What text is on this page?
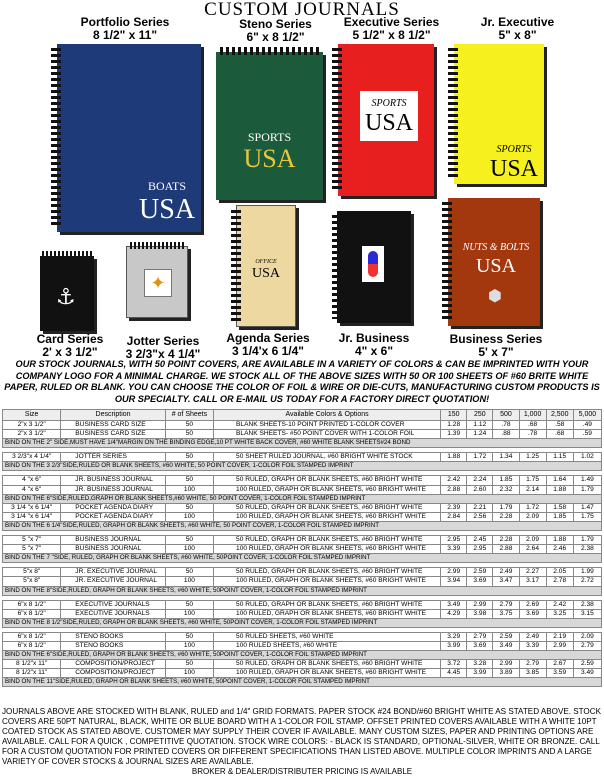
CUSTOM JOURNALS
Portfolio Series
8 1/2" x 11"
Steno Series
6" x 8 1/2"
Executive Series
5 1/2" x 8 1/2"
Jr. Executive
5" x 8"
BOATS
USA
SPORTS
USA
SPORTS
USA
SPORTS
USA
⚓
✦
OFFICE
USA
NUTS & BOLTS
USA
⬢
Card Series
2' x 3 1/2"
Jotter Series
3 2/3"x 4 1/4"
Agenda Series
3 1/4'x 6 1/4"
Jr. Business
4" x 6"
Business Series
5' x 7"
OUR STOCK JOURNALS, WITH 50 POINT COVERS, ARE AVAILABLE IN A VARIETY OF COLORS & CAN BE IMPRINTED WITH YOUR COMPANY LOGO FOR A MINIMAL CHARGE. WE STOCK ALL OF THE ABOVE SIZES WITH 50 OR 100 SHEETS OF #60 BRITE WHITE PAPER, RULED OR BLANK. YOU CAN CHOOSE THE COLOR OF FOIL & WIRE OR DIE-CUTS, MANUFACTURING CUSTOM PRODUCTS IS OUR SPECIALTY. CALL OR E-MAIL US TODAY FOR A FACTORY DIRECT QUOTATION!
Size	Description	# of Sheets	Available Colors & Options	150	250	500	1,000	2,500	5,000
2"x 3 1/2"	BUSINESS CARD SIZE	50	BLANK SHEETS-10 POINT PRINTED 1-COLOR COVER	1.28	1.12	.78	.68	.58	.49
2"x 3 1/2"	BUSINESS CARD SIZE	50	BLANK SHEETS- #50 POINT COVER WITH 1-COLOR FOIL	1.39	1.24	.88	.78	.68	.59
BIND ON THE 2" SIDE,MUST HAVE 1/4"MARGIN ON THE BINDING EDGE,10 PT WHITE BACK COVER, #60 WHITE BLANK SHEETS#24 BOND									

3 2/3"x 4 1/4"	JOTTER SERIES	50	50 SHEET RULED JOURNAL, #60 BRIGHT WHITE STOCK	1.88	1.72	1.34	1.25	1.15	1.02
BIND ON THE 3 2/3"SIDE,RULED OR BLANK SHEETS, #60 WHITE, 50 POINT COVER, 1-COLOR FOIL STAMPED IMPRINT									

4 "x 6"	JR. BUSINESS JOURNAL	50	50 RULED, GRAPH OR BLANK SHEETS, #60 BRIGHT WHITE	2.42	2.24	1.85	1.75	1.64	1.49
4 "x 6"	JR. BUSINESS JOURNAL	100	100 RULED, GRAPH OR BLANK SHEETS, #60 BRIGHT WHITE	2.88	2.60	2.32	2.14	1.88	1.79
BIND ON THE 6"SIDE,RULED,GRAPH OR BLANK SHEETS,#60 WHITE, 50 POINT COVER, 1-COLOR FOIL STAMPED IMPRINT									
3 1/4 "x 6 1/4"	POCKET AGENDA DIARY	50	50 RULED, GRAPH OR BLANK SHEETS, #60 BRIGHT WHITE	2.39	2.21	1.79	1.72	1.58	1.47
3 1/4 "x 6 1/4"	POCKET AGENDA DIARY	100	100 RULED, GRAPH OR BLANK SHEETS, #60 BRIGHT WHITE	2.84	2.56	2.28	2.09	1.85	1.75
BIND ON THE 6 1/4"SIDE,RULED, GRAPH OR BLANK SHEETS, #60 WHITE, 50 POINT COVER, 1-COLOR FOIL STAMPED IMPRINT									

5 "x 7"	BUSINESS JOURNAL	50	50 RULED, GRAPH OR BLANK SHEETS, #60 BRIGHT WHITE	2.95	2.45	2.28	2.09	1.88	1.79
5 "x 7"	BUSINESS JOURNAL	100	100 RULED, GRAPH OR BLANK SHEETS, #60 BRIGHT WHITE	3.39	2.95	2.88	2.64	2.46	2.38
BIND ON THE 7 "SIDE, RULED, GRAPH OR BLANK SHEETS, #60 WHITE, 50POINT COVER, 1-COLOR FOIL STAMPED IMPRINT									

5"x 8"	JR. EXECUTIVE JOURNAL	50	50 RULED, GRAPH OR BLANK SHEETS, #60 BRIGHT WHITE	2.99	2.59	2.49	2.27	2.05	1.99
5"x 8"	JR. EXECUTIVE JOURNAL	100	100 RULED, GRAPH OR BLANK SHEETS, #60 BRIGHT WHITE	3.94	3.69	3.47	3.17	2.78	2.72
BIND ON THE 8"SIDE,RULED, GRAPH OR BLANK SHEETS, #60 WHITE, 50POINT COVER, 1-COLOR FOIL STAMPED IMPRINT									

6"x 8 1/2"	EXECUTIVE JOURNALS	50	50 RULED, GRAPH OR BLANK SHEETS, #60 BRIGHT WHITE	3.49	2.99	2.79	2.69	2.42	2.38
6"x 8 1/2"	EXECUTIVE JOURNALS	100	100 RULED, GRAPH OR BLANK SHEETS, #60 BRIGHT WHITE	4.29	3.98	3.75	3.69	3.25	3.15
BIND ON THE 8 1/2"SIDE,RULED, GRAPH OR BLANK SHEETS, #60 WHITE, 50POINT COVER, 1-COLOR FOIL STAMPED IMPRINT									

6"x 8 1/2"	STENO BOOKS	50	50 RULED SHEETS, #60 WHITE	3.29	2.79	2.59	2.49	2.19	2.09
6"x 8 1/2"	STENO BOOKS	100	100 RULED SHEETS, #60 WHITE	3.99	3.69	3.49	3.39	2.99	2.79
BIND ON THE 6"SIDE,RULED, GRAPH OR BLANK SHEETS, #60 WHITE, 50POINT COVER, 1-COLOR FOIL STAMPED IMPRINT									
8 1/2"x 11"	COMPOSITION/PROJECT	50	50 RULED, GRAPH OR BLANK SHEETS, #60 BRIGHT WHITE	3.72	3.28	2.99	2.79	2.67	2.59
8 1/2"x 11"	COMPOSITION/PROJECT	100	100 RULED, GRAPH OR BLANK SHEETS, #60 BRIGHT WHITE	4.45	3.99	3.89	3.85	3.59	3.49
BIND ON THE 11"SIDE,RULED, GRAPH OR BLANK SHEETS, #60 WHITE, 50POINT COVER, 1-COLOR FOIL STAMPED IMPRINT									
JOURNALS ABOVE ARE STOCKED WITH BLANK, RULED and 1/4" GRID FORMATS. PAPER STOCK #24 BOND/#60 BRIGHT WHITE AS STATED ABOVE. STOCK COVERS ARE 50PT NATURAL, BLACK, WHITE OR BLUE BOARD WITH A 1-COLOR FOIL STAMP. OFFSET PRINTED COVERS AVAILABLE WITH A WHITE 10PT COATED STOCK AS STATED ABOVE. CUSTOMER MAY SUPPLY THEIR COVER IF AVAILABLE. MANY CUSTOM SIZES, PAPER AND PRINTING OPTIONS ARE AVAILABLE. CALL FOR A QUICK , COMPETITIVE QUOTATION. STOCK WIRE COLORS: - BLACK IS STANDARD, OPTIONAL-SILVER, WHITE OR BRONZE. CALL FOR A CUSTOM QUOTATION FOR PRINTED COVERS OR DIFFERENT SPECIFICATIONS THAN LISTED ABOVE. MULTIPLE COLOR IMPRINTS AND A LARGE VARIETY OF COVER STOCKS & JOURNAL SIZES ARE AVAILABLE.
BROKER & DEALER/DISTRIBUTER PRICING IS AVAILABLE
